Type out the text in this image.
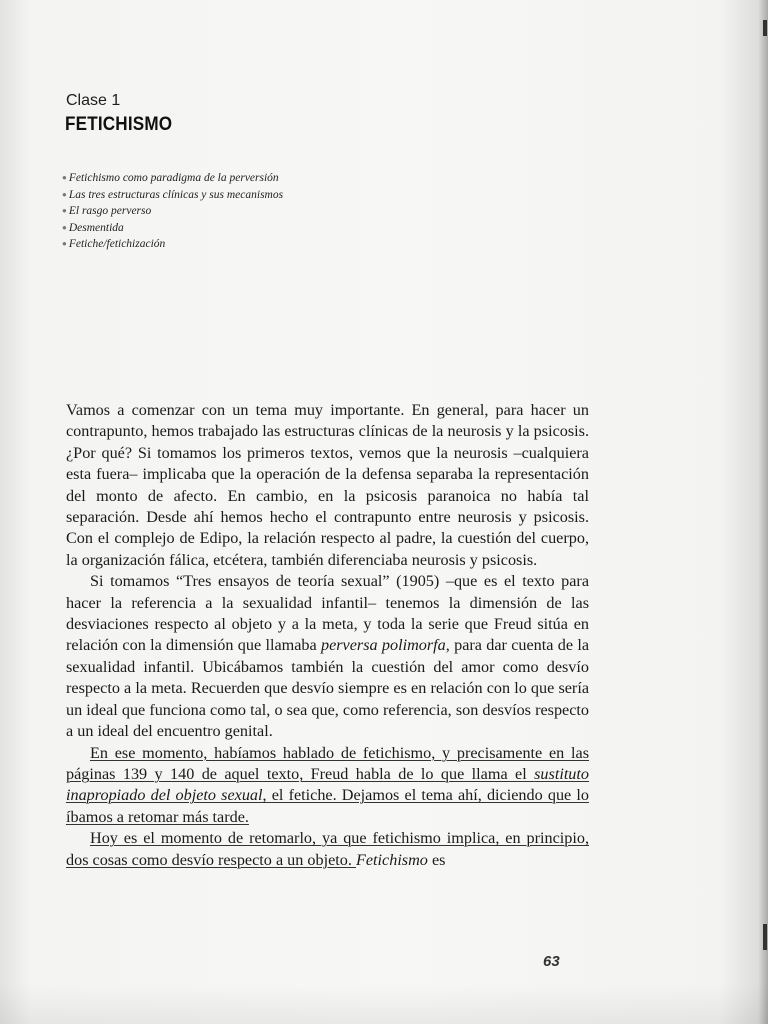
Clase 1
FETICHISMO
● Fetichismo como paradigma de la perversión
● Las tres estructuras clínicas y sus mecanismos
● El rasgo perverso
● Desmentida
● Fetiche/fetichización

Vamos a comenzar con un tema muy importante. En general, para hacer un contrapunto, hemos trabajado las estructuras clínicas de la neurosis y la psicosis. ¿Por qué? Si tomamos los primeros textos, vemos que la neurosis –cualquiera esta fuera– implicaba que la operación de la defensa separaba la representación del monto de afecto. En cambio, en la psicosis paranoica no había tal separación. Desde ahí hemos hecho el contrapunto entre neurosis y psicosis. Con el complejo de Edipo, la relación respecto al padre, la cuestión del cuerpo, la organización fálica, etcétera, también diferenciaba neurosis y psicosis.

Si tomamos “Tres ensayos de teoría sexual” (1905) –que es el texto para hacer la referencia a la sexualidad infantil– tenemos la dimensión de las desviaciones respecto al objeto y a la meta, y toda la serie que Freud sitúa en relación con la dimensión que llamaba perversa polimorfa, para dar cuenta de la sexualidad infantil. Ubicábamos también la cuestión del amor como desvío respecto a la meta. Recuerden que desvío siempre es en relación con lo que sería un ideal que funciona como tal, o sea que, como referencia, son desvíos respecto a un ideal del encuentro genital.

En ese momento, habíamos hablado de fetichismo, y precisamente en las páginas 139 y 140 de aquel texto, Freud habla de lo que llama el sustituto inapropiado del objeto sexual, el fetiche. Dejamos el tema ahí, diciendo que lo íbamos a retomar más tarde.

Hoy es el momento de retomarlo, ya que fetichismo implica, en principio, dos cosas como desvío respecto a un objeto. Fetichismo es

63
